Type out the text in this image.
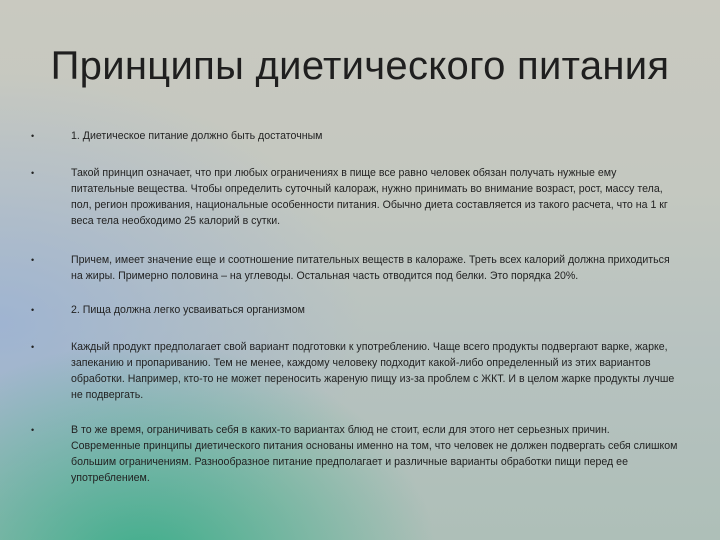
Принципы диетического питания
•	1. Диетическое питание должно быть достаточным
•	Такой принцип означает, что при любых ограничениях в пище все равно человек обязан получать нужные ему питательные вещества. Чтобы определить суточный калораж, нужно принимать во внимание возраст, рост, массу тела, пол, регион проживания, национальные особенности питания. Обычно диета составляется из такого расчета, что на 1 кг веса тела необходимо 25 калорий в сутки.
•	Причем, имеет значение еще и соотношение питательных веществ в калораже. Треть всех калорий должна приходиться на жиры. Примерно половина – на углеводы. Остальная часть отводится под белки. Это порядка 20%.
•	2. Пища должна легко усваиваться организмом
•	Каждый продукт предполагает свой вариант подготовки к употреблению. Чаще всего продукты подвергают варке, жарке, запеканию и пропариванию. Тем не менее, каждому человеку подходит какой-либо определенный из этих вариантов обработки. Например, кто-то не может переносить жареную пищу из-за проблем с ЖКТ. И в целом жарке продукты лучше не подвергать.
•	В то же время, ограничивать себя в каких-то вариантах блюд не стоит, если для этого нет серьезных причин. Современные принципы диетического питания основаны именно на том, что человек не должен подвергать себя слишком большим ограничениям. Разнообразное питание предполагает и различные варианты обработки пищи перед ее употреблением.
